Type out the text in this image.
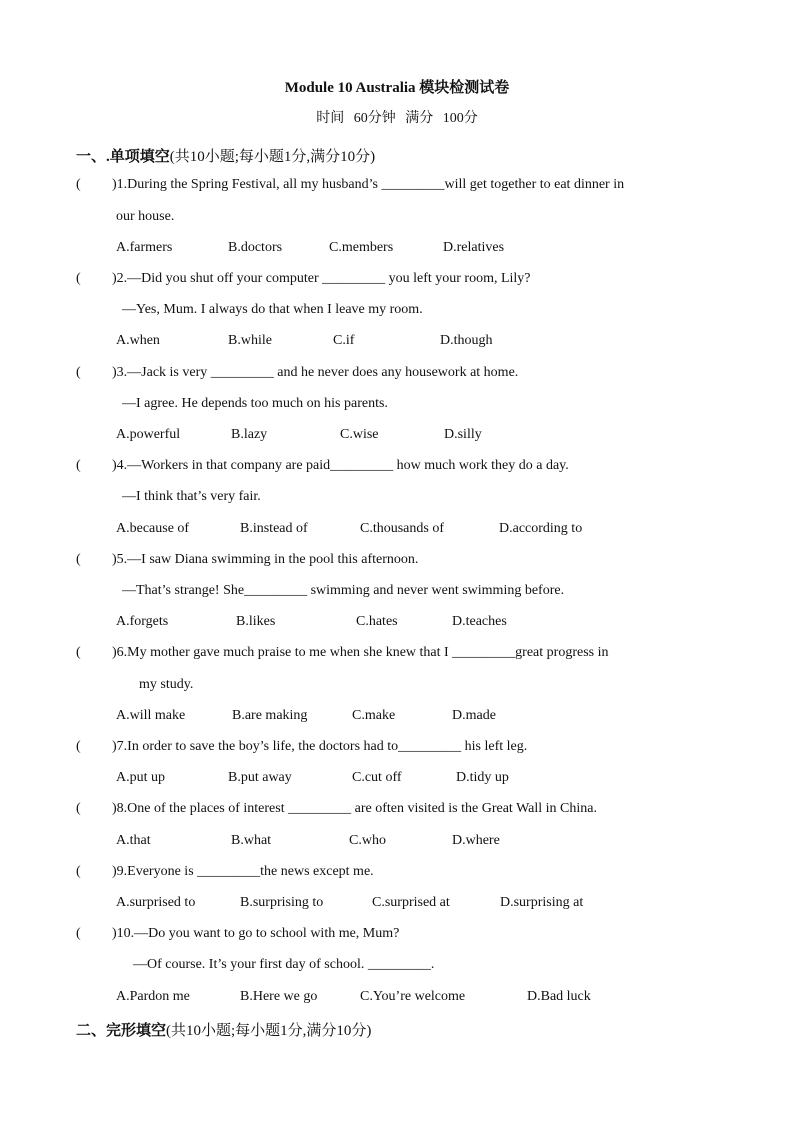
Module 10 Australia 模块检测试卷
时间 60分钟 满分 100分
一、.单项填空(共10小题;每小题1分,满分10分)
( )1.During the Spring Festival, all my husband’s _________will get together to eat dinner in
our house.
A.farmers	B.doctors	C.members	D.relatives
( )2.—Did you shut off your computer _________ you left your room, Lily?
—Yes, Mum. I always do that when I leave my room.
A.when	B.while	C.if	D.though
( )3.—Jack is very _________ and he never does any housework at home.
—I agree. He depends too much on his parents.
A.powerful	B.lazy	C.wise	D.silly
( )4.—Workers in that company are paid_________ how much work they do a day.
—I think that’s very fair.
A.because of	B.instead of	C.thousands of	D.according to
( )5.—I saw Diana swimming in the pool this afternoon.
—That’s strange! She_________ swimming and never went swimming before.
A.forgets	B.likes	C.hates	D.teaches
( )6.My mother gave much praise to me when she knew that I _________great progress in
my study.
A.will make	B.are making	C.make	D.made
( )7.In order to save the boy’s life, the doctors had to_________ his left leg.
A.put up	B.put away	C.cut off	D.tidy up
( )8.One of the places of interest _________ are often visited is the Great Wall in China.
A.that	B.what	C.who	D.where
( )9.Everyone is _________the news except me.
A.surprised to	B.surprising to	C.surprised at	D.surprising at
( )10.—Do you want to go to school with me, Mum?
—Of course. It’s your first day of school. _________.
A.Pardon me	B.Here we go	C.You’re welcome	D.Bad luck
二、完形填空(共10小题;每小题1分,满分10分)
